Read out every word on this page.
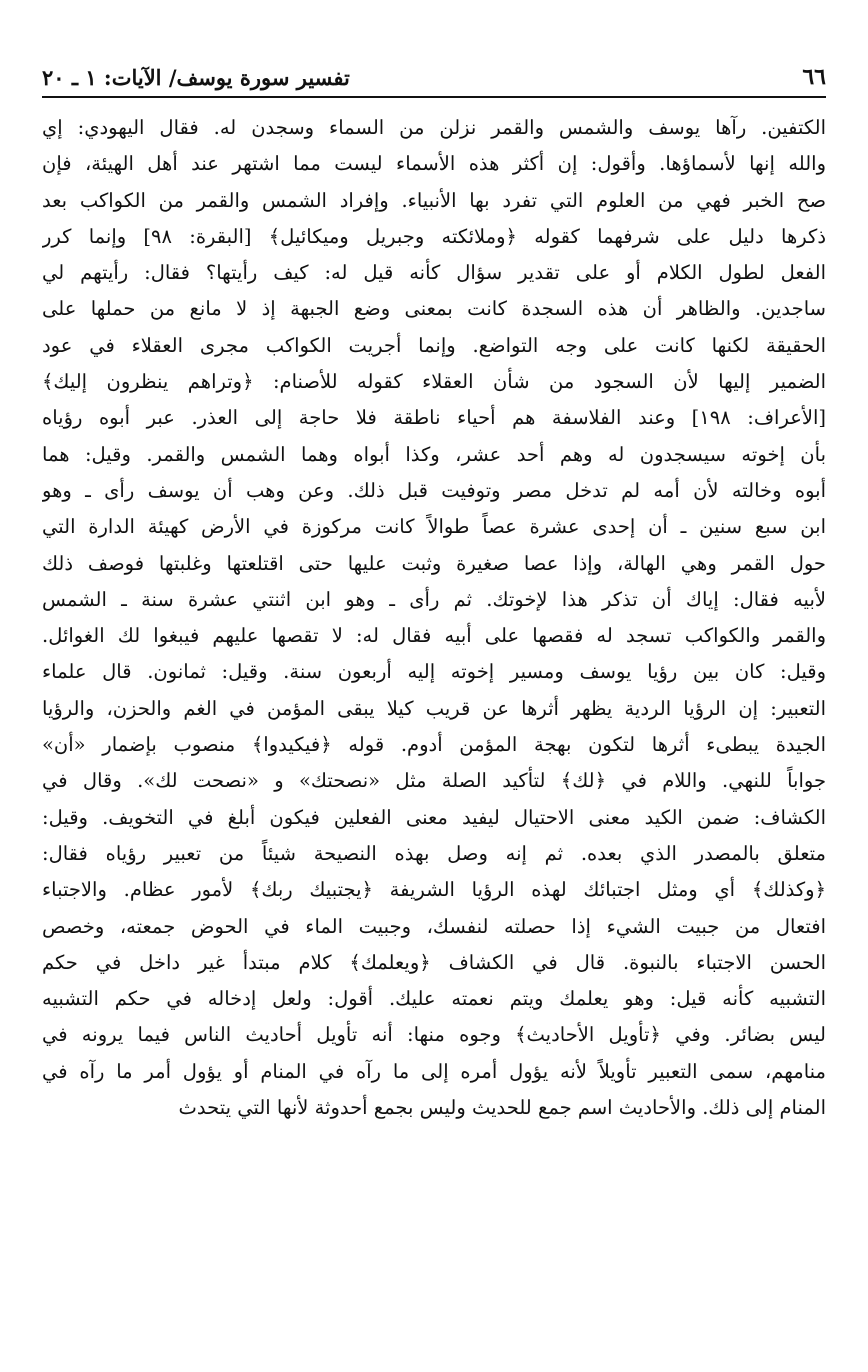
٦٦
تفسير سورة يوسف/ الآيات: ١ ـ ٢٠
الكتفين. رآها يوسف والشمس والقمر نزلن من السماء وسجدن له. فقال اليهودي: إي
والله إنها لأسماؤها. وأقول: إن أكثر هذه الأسماء ليست مما اشتهر عند أهل الهيئة، فإن
صح الخبر فهي من العلوم التي تفرد بها الأنبياء. وإفراد الشمس والقمر من الكواكب بعد
ذكرها دليل على شرفهما كقوله ﴿وملائكته وجبريل وميكائيل﴾ [البقرة: ٩٨] وإنما كرر
الفعل لطول الكلام أو على تقدير سؤال كأنه قيل له: كيف رأيتها؟ فقال: رأيتهم لي
ساجدين. والظاهر أن هذه السجدة كانت بمعنى وضع الجبهة إذ لا مانع من حملها على
الحقيقة لكنها كانت على وجه التواضع. وإنما أجريت الكواكب مجرى العقلاء في عود
الضمير إليها لأن السجود من شأن العقلاء كقوله للأصنام: ﴿وتراهم ينظرون إليك﴾
[الأعراف: ١٩٨] وعند الفلاسفة هم أحياء ناطقة فلا حاجة إلى العذر. عبر أبوه رؤياه
بأن إخوته سيسجدون له وهم أحد عشر، وكذا أبواه وهما الشمس والقمر. وقيل: هما
أبوه وخالته لأن أمه لم تدخل مصر وتوفيت قبل ذلك. وعن وهب أن يوسف رأى ـ وهو
ابن سبع سنين ـ أن إحدى عشرة عصاً طوالاً كانت مركوزة في الأرض كهيئة الدارة التي
حول القمر وهي الهالة، وإذا عصا صغيرة وثبت عليها حتى اقتلعتها وغلبتها فوصف ذلك
لأبيه فقال: إياك أن تذكر هذا لإخوتك. ثم رأى ـ وهو ابن اثنتي عشرة سنة ـ الشمس
والقمر والكواكب تسجد له فقصها على أبيه فقال له: لا تقصها عليهم فيبغوا لك الغوائل.
وقيل: كان بين رؤيا يوسف ومسير إخوته إليه أربعون سنة. وقيل: ثمانون. قال علماء
التعبير: إن الرؤيا الردية يظهر أثرها عن قريب كيلا يبقى المؤمن في الغم والحزن، والرؤيا
الجيدة يبطىء أثرها لتكون بهجة المؤمن أدوم. قوله ﴿فيكيدوا﴾ منصوب بإضمار «أن»
جواباً للنهي. واللام في ﴿لك﴾ لتأكيد الصلة مثل «نصحتك» و «نصحت لك». وقال في
الكشاف: ضمن الكيد معنى الاحتيال ليفيد معنى الفعلين فيكون أبلغ في التخويف. وقيل:
متعلق بالمصدر الذي بعده. ثم إنه وصل بهذه النصيحة شيئاً من تعبير رؤياه فقال:
﴿وكذلك﴾ أي ومثل اجتبائك لهذه الرؤيا الشريفة ﴿يجتبيك ربك﴾ لأمور عظام. والاجتباء
افتعال من جبيت الشيء إذا حصلته لنفسك، وجبيت الماء في الحوض جمعته، وخصص
الحسن الاجتباء بالنبوة. قال في الكشاف ﴿ويعلمك﴾ كلام مبتدأ غير داخل في حكم
التشبيه كأنه قيل: وهو يعلمك ويتم نعمته عليك. أقول: ولعل إدخاله في حكم التشبيه
ليس بضائر. وفي ﴿تأويل الأحاديث﴾ وجوه منها: أنه تأويل أحاديث الناس فيما يرونه في
منامهم، سمى التعبير تأويلاً لأنه يؤول أمره إلى ما رآه في المنام أو يؤول أمر ما رآه في
المنام إلى ذلك. والأحاديث اسم جمع للحديث وليس بجمع أحدوثة لأنها التي يتحدث
